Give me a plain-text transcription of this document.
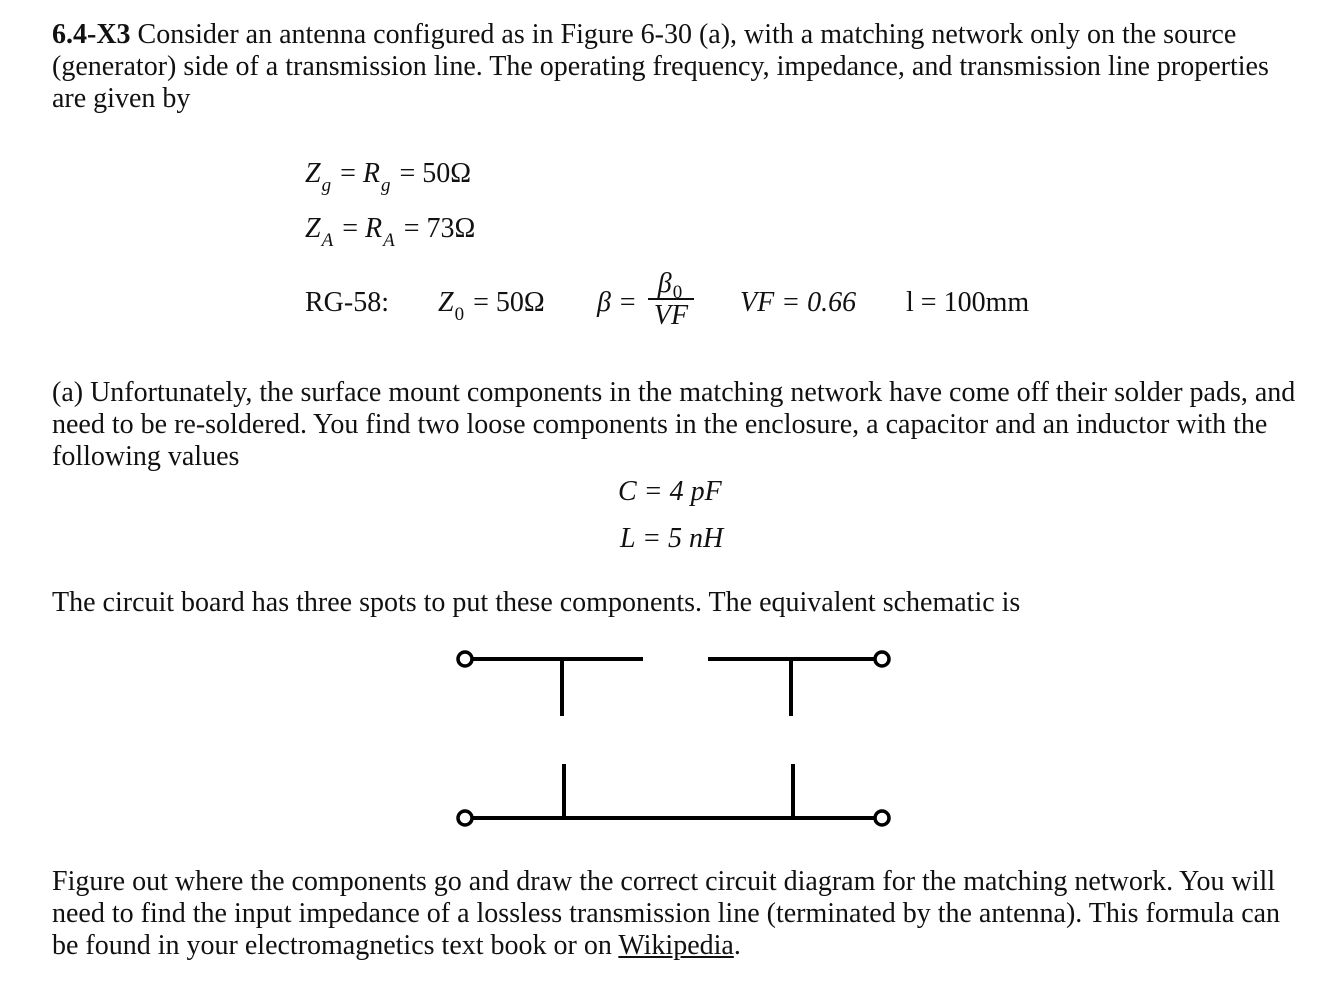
6.4-X3 Consider an antenna configured as in Figure 6-30 (a), with a matching network only on the source (generator) side of a transmission line. The operating frequency, impedance, and transmission line properties are given by
$Z_g = R_g = 50\Omega$
$Z_A = R_A = 73\Omega$
RG-58: $Z_0 = 50\Omega$ β =
$\beta_0$
VF VF = 0.66 l = 100mm
(a) Unfortunately, the surface mount components in the matching network have come off their solder pads, and need to be re-soldered. You find two loose components in the enclosure, a capacitor and an inductor with the following values
C = 4 pF
L = 5 nH
The circuit board has three spots to put these components. The equivalent schematic is
Figure out where the components go and draw the correct circuit diagram for the matching network. You will need to find the input impedance of a lossless transmission line (terminated by the antenna). This formula can be found in your electromagnetics text book or on Wikipedia.
